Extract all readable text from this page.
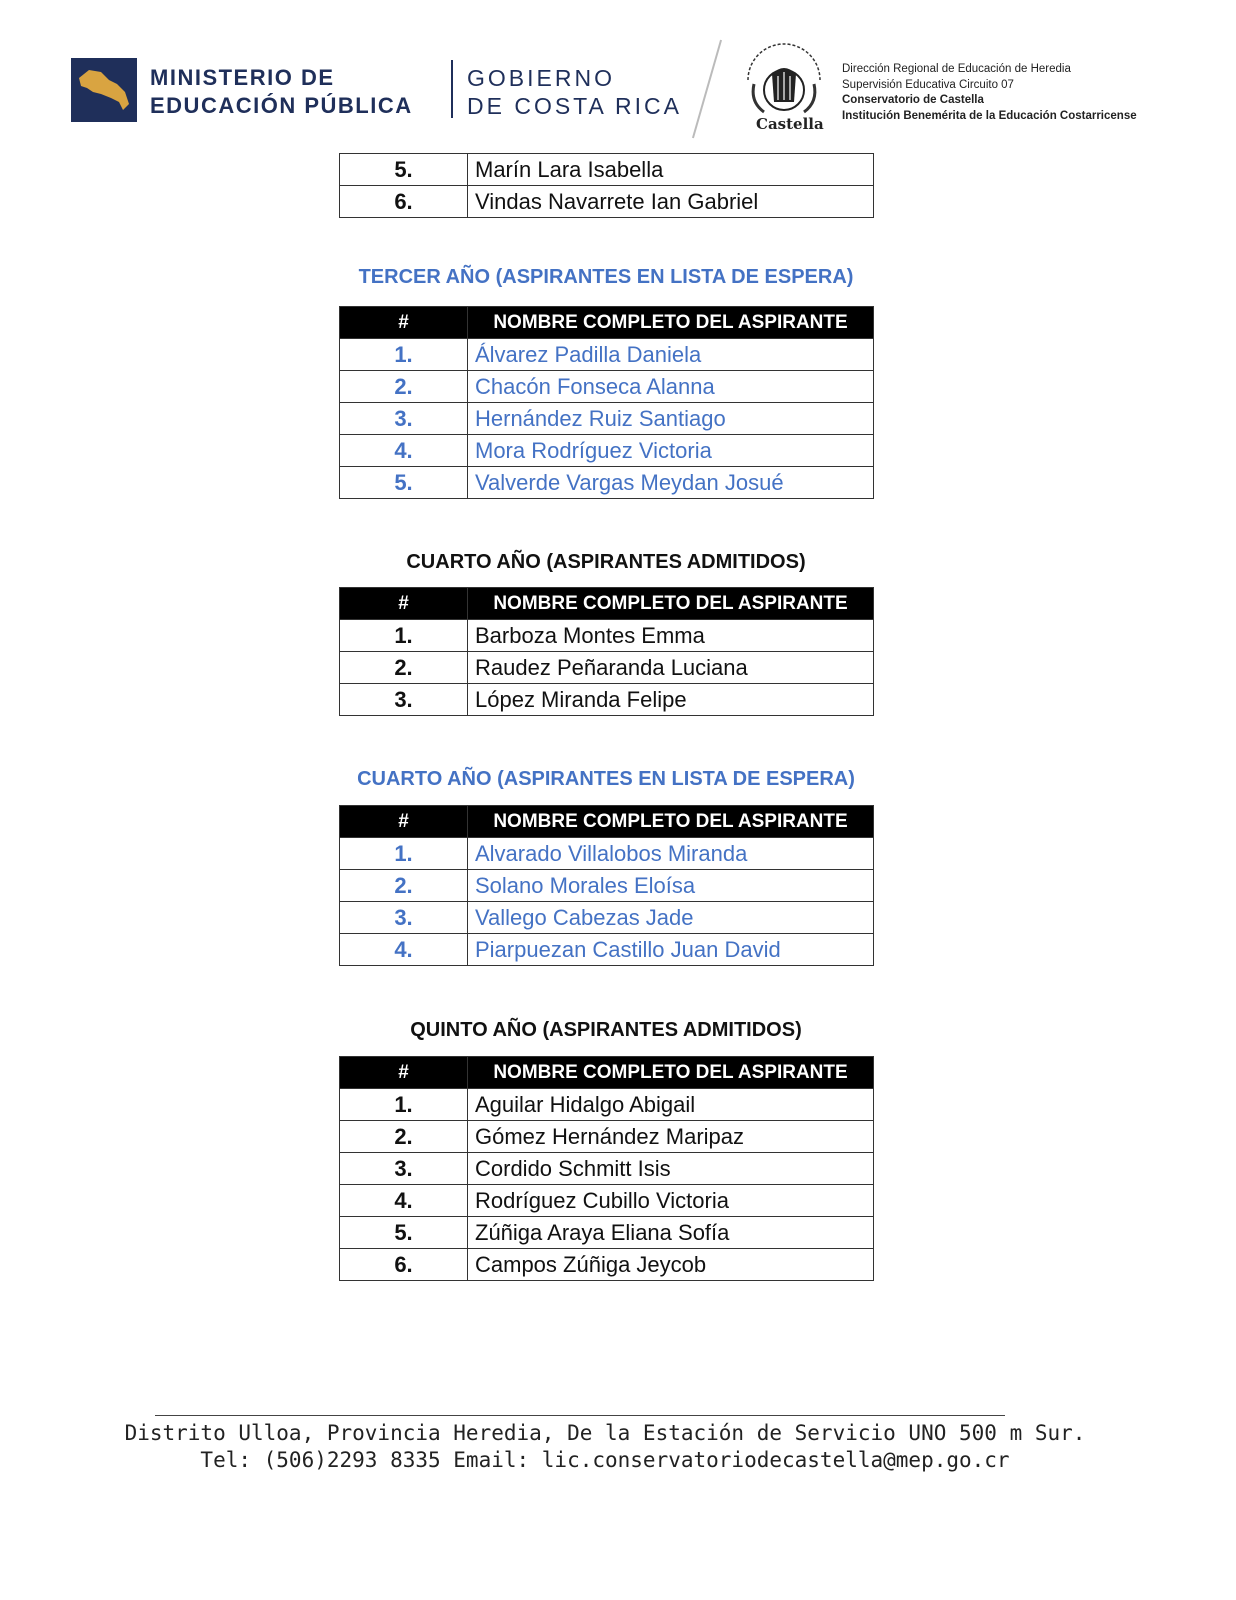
MINISTERIO DE
EDUCACIÓN PÚBLICA
GOBIERNO
DE COSTA RICA
Castella
Dirección Regional de Educación de Heredia
Supervisión Educativa Circuito 07
Conservatorio de Castella
Institución Benemérita de la Educación Costarricense
5.	Marín Lara Isabella
6.	Vindas Navarrete Ian Gabriel
TERCER AÑO (ASPIRANTES EN LISTA DE ESPERA)
#	NOMBRE COMPLETO DEL ASPIRANTE
1.	Álvarez Padilla Daniela
2.	Chacón Fonseca Alanna
3.	Hernández Ruiz Santiago
4.	Mora Rodríguez Victoria
5.	Valverde Vargas Meydan Josué
CUARTO AÑO (ASPIRANTES ADMITIDOS)
#	NOMBRE COMPLETO DEL ASPIRANTE
1.	Barboza Montes Emma
2.	Raudez Peñaranda Luciana
3.	López Miranda Felipe
CUARTO AÑO (ASPIRANTES EN LISTA DE ESPERA)
#	NOMBRE COMPLETO DEL ASPIRANTE
1.	Alvarado Villalobos Miranda
2.	Solano Morales Eloísa
3.	Vallego Cabezas Jade
4.	Piarpuezan Castillo Juan David
QUINTO AÑO (ASPIRANTES ADMITIDOS)
#	NOMBRE COMPLETO DEL ASPIRANTE
1.	Aguilar Hidalgo Abigail
2.	Gómez Hernández Maripaz
3.	Cordido Schmitt Isis
4.	Rodríguez Cubillo Victoria
5.	Zúñiga Araya Eliana Sofía
6.	Campos Zúñiga Jeycob
Distrito Ulloa, Provincia Heredia, De la Estación de Servicio UNO 500 m Sur.
Tel: (506)2293 8335 Email: lic.conservatoriodecastella@mep.go.cr
